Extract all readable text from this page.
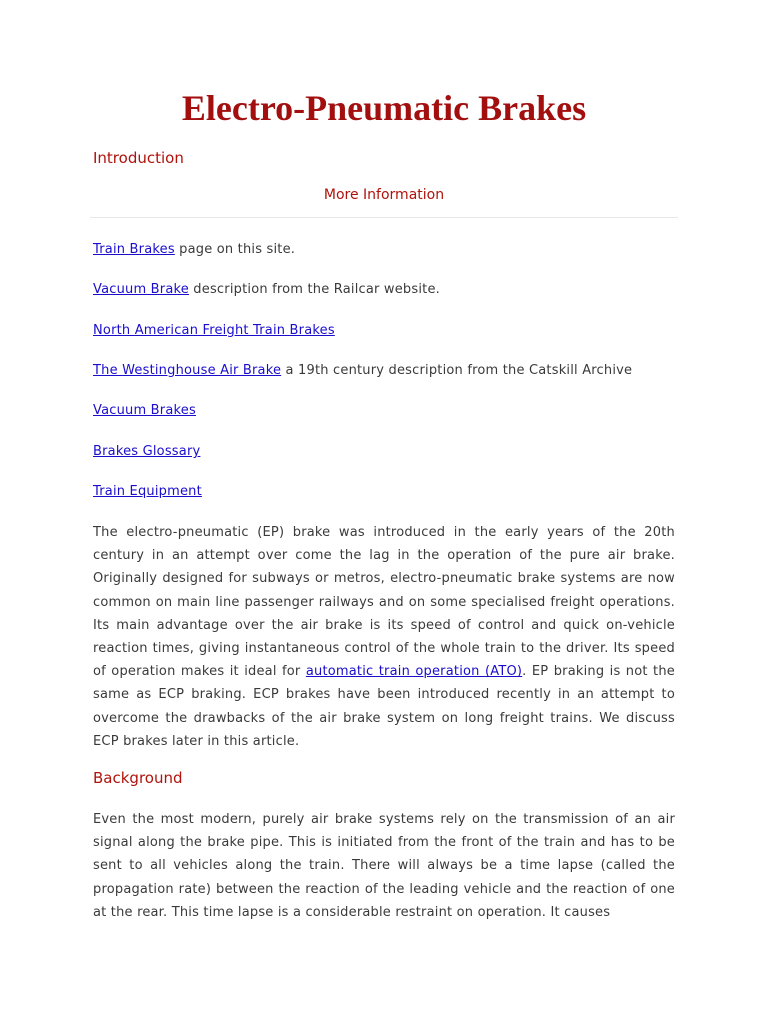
Electro-Pneumatic Brakes
Introduction
More Information
Train Brakes page on this site.
Vacuum Brake description from the Railcar website.
North American Freight Train Brakes
The Westinghouse Air Brake a 19th century description from the Catskill Archive
Vacuum Brakes
Brakes Glossary
Train Equipment

The electro-pneumatic (EP) brake was introduced in the early years of the 20th century in an attempt over come the lag in the operation of the pure air brake. Originally designed for subways or metros, electro-pneumatic brake systems are now common on main line passenger railways and on some specialised freight operations. Its main advantage over the air brake is its speed of control and quick on-vehicle reaction times, giving instantaneous control of the whole train to the driver. Its speed of operation makes it ideal for automatic train operation (ATO). EP braking is not the same as ECP braking. ECP brakes have been introduced recently in an attempt to overcome the drawbacks of the air brake system on long freight trains. We discuss ECP brakes later in this article.

Background

Even the most modern, purely air brake systems rely on the transmission of an air signal along the brake pipe. This is initiated from the front of the train and has to be sent to all vehicles along the train. There will always be a time lapse (called the propagation rate) between the reaction of the leading vehicle and the reaction of one at the rear. This time lapse is a considerable restraint on operation. It causes
